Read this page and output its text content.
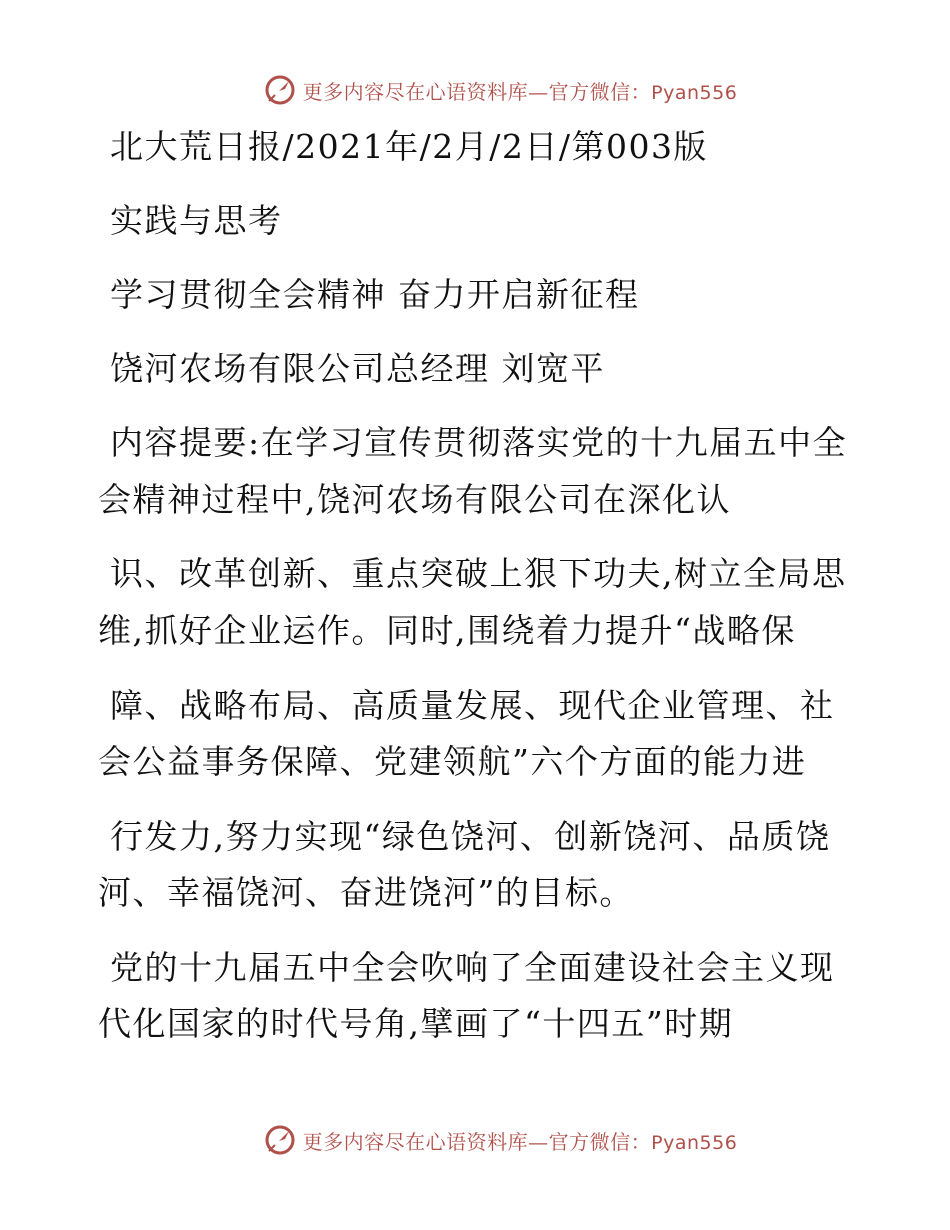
更多内容尽在心语资料库—官方微信：Pyan556
北大荒日报/2021年/2月/2日/第003版
实践与思考
学习贯彻全会精神 奋力开启新征程
饶河农场有限公司总经理 刘宽平
内容提要:在学习宣传贯彻落实党的十九届五中全
会精神过程中,饶河农场有限公司在深化认
识、改革创新、重点突破上狠下功夫,树立全局思
维,抓好企业运作。同时,围绕着力提升“战略保
障、战略布局、高质量发展、现代企业管理、社
会公益事务保障、党建领航”六个方面的能力进
行发力,努力实现“绿色饶河、创新饶河、品质饶
河、幸福饶河、奋进饶河”的目标。
党的十九届五中全会吹响了全面建设社会主义现
代化国家的时代号角,擘画了“十四五”时期
更多内容尽在心语资料库—官方微信：Pyan556
